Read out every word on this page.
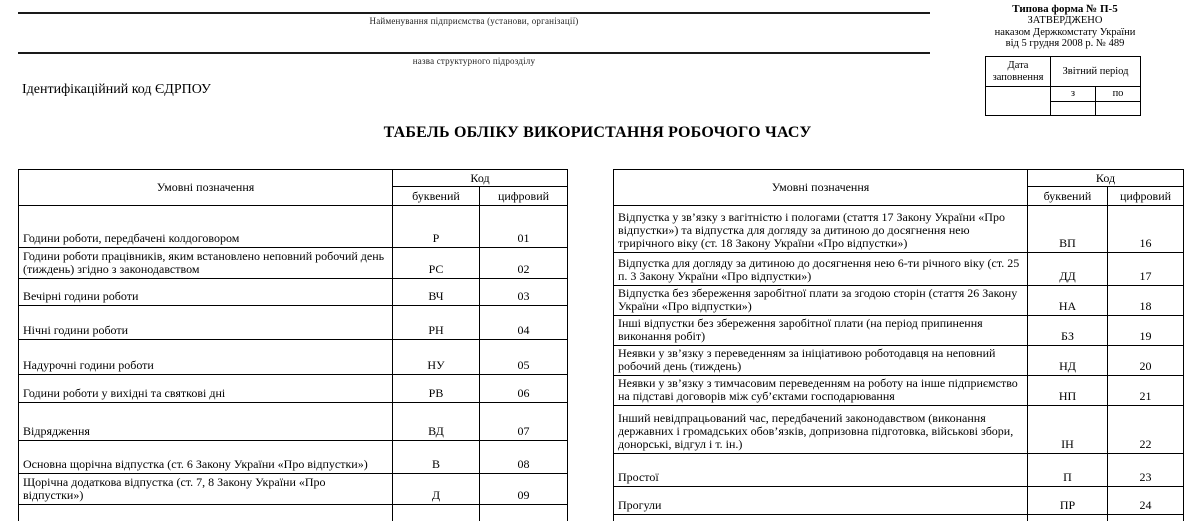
Найменування підприємства (установи, організації)
назва структурного підрозділу
Ідентифікаційний код ЄДРПОУ
Типова форма № П-5
ЗАТВЕРДЖЕНО
наказом Держкомстату України
від 5 грудня 2008 р. № 489
Дата заповнення	Звітний період	
	з	по

ТАБЕЛЬ ОБЛІКУ ВИКОРИСТАННЯ РОБОЧОГО ЧАСУ
Умовні позначення	Код	
	буквений	цифровий
Години роботи, передбачені колдоговором	Р	01
Години роботи працівників, яким встановлено неповний робочий день (тиждень) згідно з законодавством	РС	02
Вечірні години роботи	ВЧ	03
Нічні години роботи	РН	04
Надурочні години роботи	НУ	05
Години роботи у вихідні та святкові дні	РВ	06
Відрядження	ВД	07
Основна щорічна відпустка (ст. 6 Закону України «Про відпустки»)	В	08
Щорічна додаткова відпустка (ст. 7, 8 Закону України «Про відпустки»)	Д	09

Умовні позначення	Код	
	буквений	цифровий
Відпустка у зв’язку з вагітністю і пологами (стаття 17 Закону України «Про відпустки») та відпустка для догляду за дитиною до досягнення нею трирічного віку (ст. 18 Закону України «Про відпустки»)	ВП	16
Відпустка для догляду за дитиною до досягнення нею 6-ти річного віку (ст. 25 п. 3 Закону України «Про відпустки»)	ДД	17
Відпустка без збереження заробітної плати за згодою сторін (стаття 26 Закону України «Про відпустки»)	НА	18
Інші відпустки без збереження заробітної плати (на період припинення виконання робіт)	БЗ	19
Неявки у зв’язку з переведенням за ініціативою роботодавця на неповний робочий день (тиждень)	НД	20
Неявки у зв’язку з тимчасовим переведенням на роботу на інше підприємство на підставі договорів між суб’єктами господарювання	НП	21
Інший невідпрацьований час, передбачений законодавством (виконання державних і громадських обов’язків, допризовна підготовка, військові збори, донорські, відгул і т. ін.)	ІН	22
Простої	П	23
Прогули	ПР	24
